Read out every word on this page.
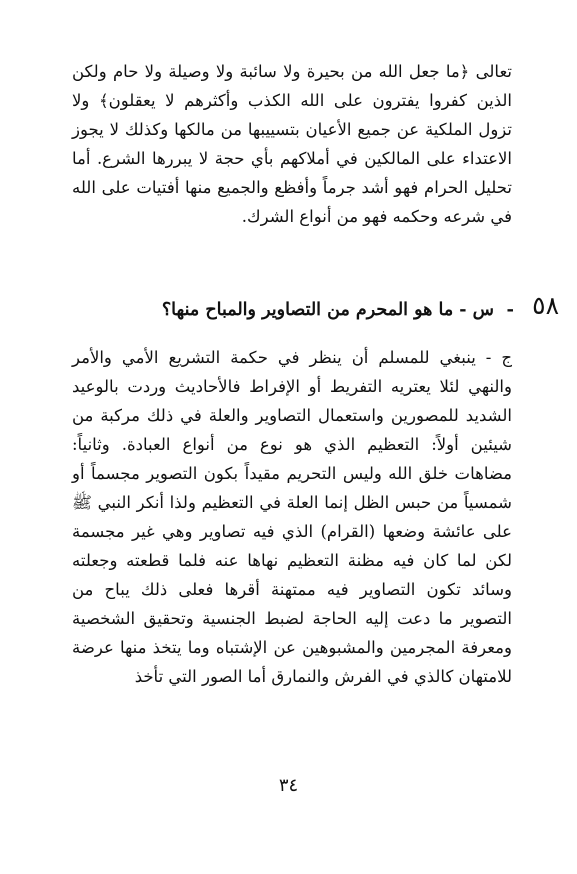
تعالى ﴿ما جعل الله من بحيرة ولا سائبة ولا وصيلة ولا حام ولكن الذين كفروا يفترون على الله الكذب وأكثرهم لا يعقلون﴾ ولا تزول الملكية عن جميع الأعيان بتسييبها من مالكها وكذلك لا يجوز الاعتداء على المالكين في أملاكهم بأي حجة لا يبررها الشرع. أما تحليل الحرام فهو أشد جرماً وأفظع والجميع منها أفتيات على الله في شرعه وحكمه فهو من أنواع الشرك.

٥٨
-
س - ما هو المحرم من التصاوير والمباح منها؟

ج - ينبغي للمسلم أن ينظر في حكمة التشريع الأمي والأمر والنهي لئلا يعتريه التفريط أو الإفراط فالأحاديث وردت بالوعيد الشديد للمصورين واستعمال التصاوير والعلة في ذلك مركبة من شيئين أولاً: التعظيم الذي هو نوع من أنواع العبادة. وثانياً: مضاهات خلق الله وليس التحريم مقيداً بكون التصوير مجسماً أو شمسياً من حبس الظل إنما العلة في التعظيم ولذا أنكر النبي ﷺ على عائشة وضعها (القرام) الذي فيه تصاوير وهي غير مجسمة لكن لما كان فيه مظنة التعظيم نهاها عنه فلما قطعته وجعلته وسائد تكون التصاوير فيه ممتهنة أقرها فعلى ذلك يباح من التصوير ما دعت إليه الحاجة لضبط الجنسية وتحقيق الشخصية ومعرفة المجرمين والمشبوهين عن الإشتباه وما يتخذ منها عرضة للامتهان كالذي في الفرش والنمارق أما الصور التي تأخذ

٣٤
